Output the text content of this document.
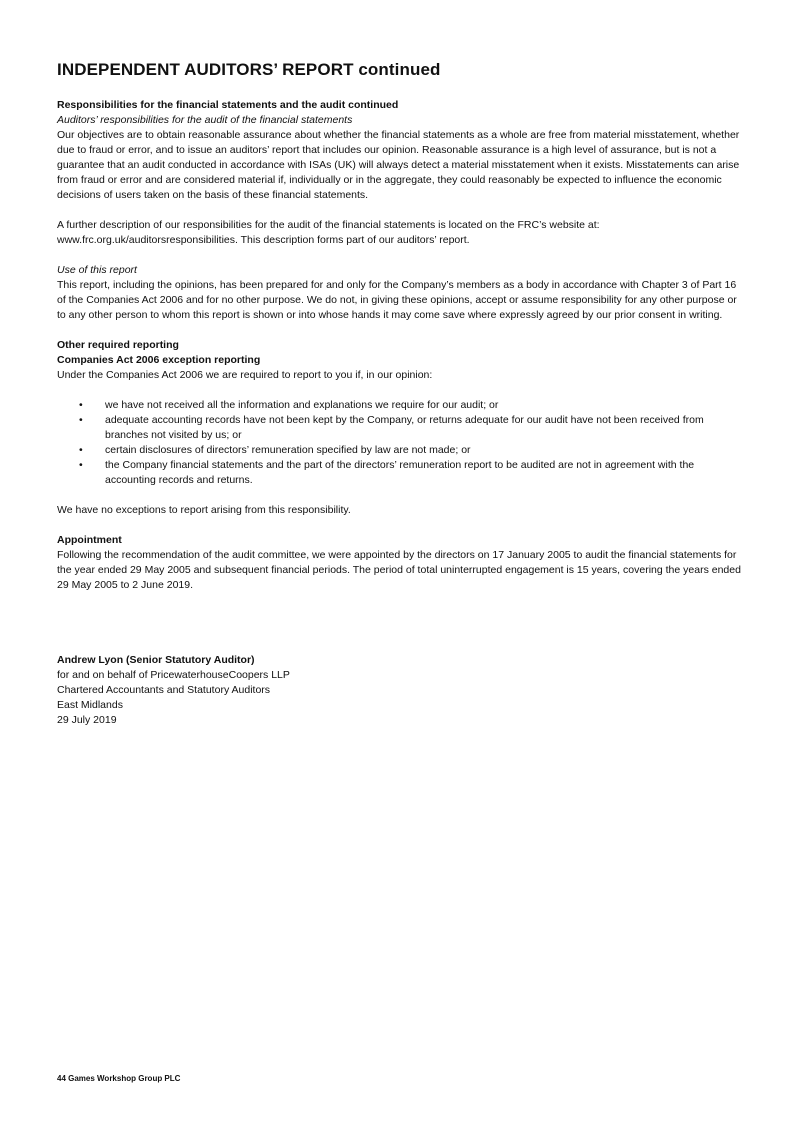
INDEPENDENT AUDITORS’ REPORT continued

Responsibilities for the financial statements and the audit continued

Auditors’ responsibilities for the audit of the financial statements

Our objectives are to obtain reasonable assurance about whether the financial statements as a whole are free from material misstatement, whether due to fraud or error, and to issue an auditors’ report that includes our opinion. Reasonable assurance is a high level of assurance, but is not a guarantee that an audit conducted in accordance with ISAs (UK) will always detect a material misstatement when it exists. Misstatements can arise from fraud or error and are considered material if, individually or in the aggregate, they could reasonably be expected to influence the economic decisions of users taken on the basis of these financial statements.

A further description of our responsibilities for the audit of the financial statements is located on the FRC’s website at: www.frc.org.uk/auditorsresponsibilities. This description forms part of our auditors’ report.

Use of this report

This report, including the opinions, has been prepared for and only for the Company’s members as a body in accordance with Chapter 3 of Part 16 of the Companies Act 2006 and for no other purpose. We do not, in giving these opinions, accept or assume responsibility for any other purpose or to any other person to whom this report is shown or into whose hands it may come save where expressly agreed by our prior consent in writing.

Other required reporting

Companies Act 2006 exception reporting

Under the Companies Act 2006 we are required to report to you if, in our opinion:

• we have not received all the information and explanations we require for our audit; or
• adequate accounting records have not been kept by the Company, or returns adequate for our audit have not been received from branches not visited by us; or
• certain disclosures of directors’ remuneration specified by law are not made; or
• the Company financial statements and the part of the directors’ remuneration report to be audited are not in agreement with the accounting records and returns.

We have no exceptions to report arising from this responsibility.

Appointment

Following the recommendation of the audit committee, we were appointed by the directors on 17 January 2005 to audit the financial statements for the year ended 29 May 2005 and subsequent financial periods. The period of total uninterrupted engagement is 15 years, covering the years ended 29 May 2005 to 2 June 2019.

Andrew Lyon (Senior Statutory Auditor)

for and on behalf of PricewaterhouseCoopers LLP

Chartered Accountants and Statutory Auditors

East Midlands

29 July 2019

44 Games Workshop Group PLC
